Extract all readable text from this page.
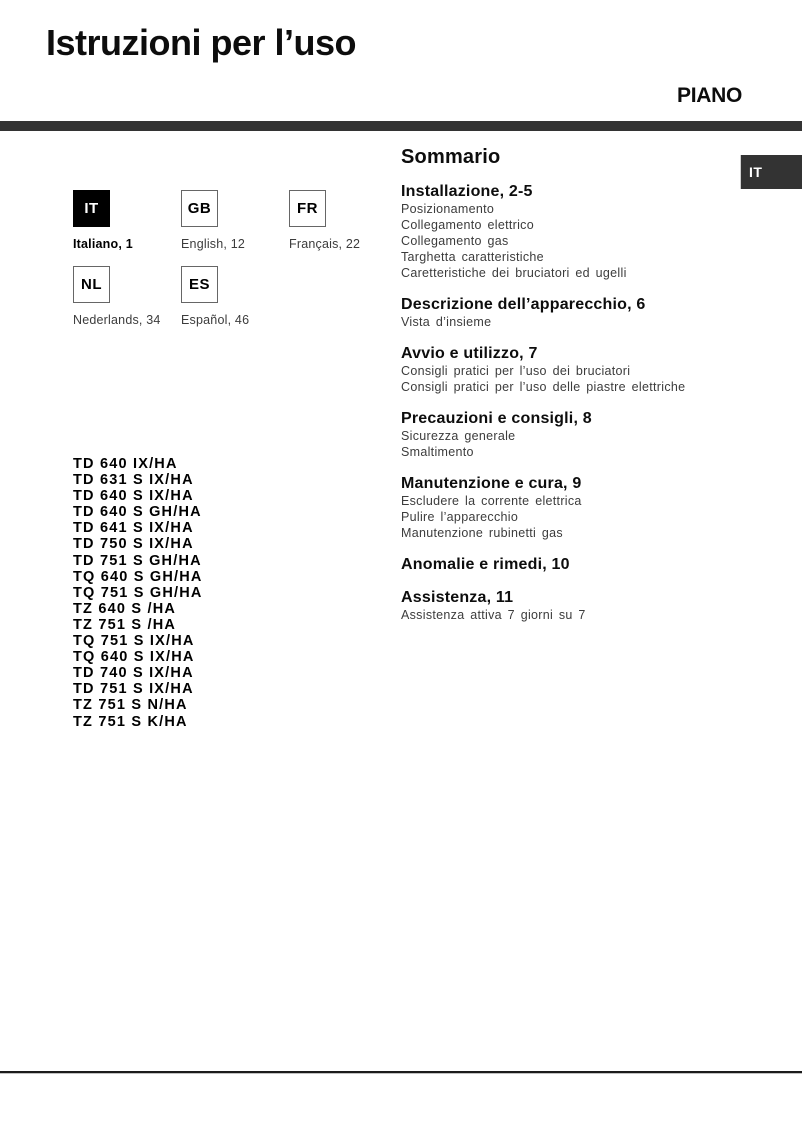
Istruzioni per l’uso
PIANO
IT
IT
Italiano, 1
GB
English, 12
FR
Français, 22
NL
Nederlands, 34
ES
Español, 46
TD 640 IX/HA
TD 631 S IX/HA
TD 640 S IX/HA
TD 640 S GH/HA
TD 641 S IX/HA
TD 750 S IX/HA
TD 751 S GH/HA
TQ 640 S GH/HA
TQ 751 S GH/HA
TZ 640 S /HA
TZ 751 S /HA
TQ 751 S IX/HA
TQ 640 S IX/HA
TD 740 S IX/HA
TD 751 S IX/HA
TZ 751 S N/HA
TZ 751 S K/HA
Sommario
Installazione, 2-5
Posizionamento
Collegamento elettrico
Collegamento gas
Targhetta caratteristiche
Caretteristiche dei bruciatori ed ugelli
Descrizione dell’apparecchio, 6
Vista d’insieme
Avvio e utilizzo, 7
Consigli pratici per l’uso dei bruciatori
Consigli pratici per l’uso delle piastre elettriche
Precauzioni e consigli, 8
Sicurezza generale
Smaltimento
Manutenzione e cura, 9
Escludere la corrente elettrica
Pulire l’apparecchio
Manutenzione rubinetti gas
Anomalie e rimedi, 10
Assistenza, 11
Assistenza attiva 7 giorni su 7
